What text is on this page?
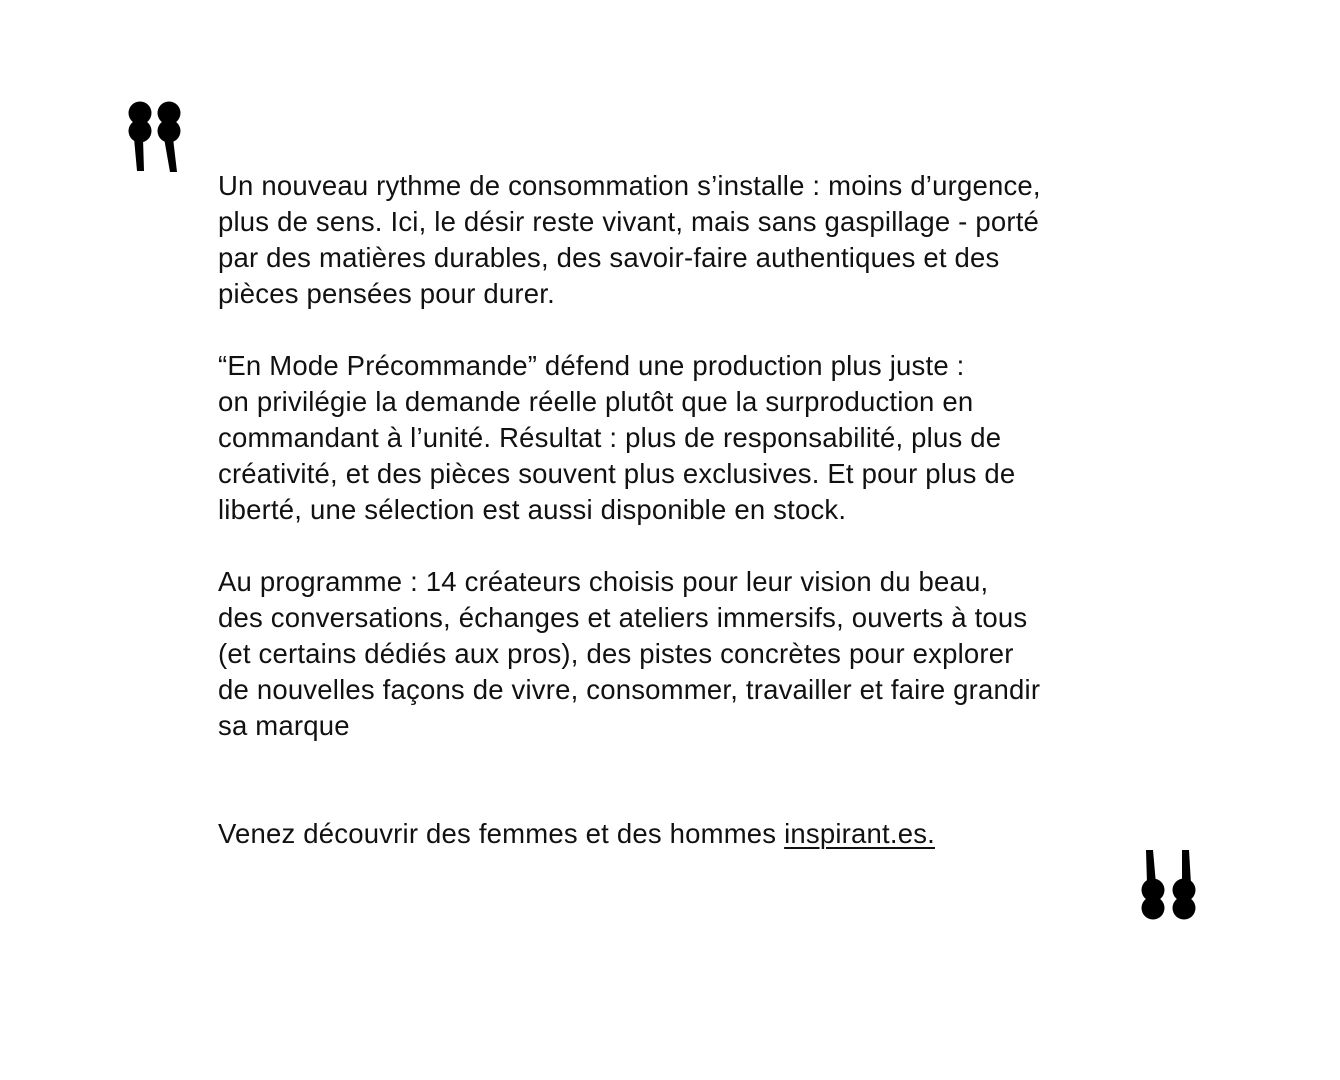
Un nouveau rythme de consommation s’installe : moins d’urgence,
plus de sens. Ici, le désir reste vivant, mais sans gaspillage - porté
par des matières durables, des savoir-faire authentiques et des
pièces pensées pour durer.

“En Mode Précommande” défend une production plus juste :
on privilégie la demande réelle plutôt que la surproduction en
commandant à l’unité. Résultat : plus de responsabilité, plus de
créativité, et des pièces souvent plus exclusives. Et pour plus de
liberté, une sélection est aussi disponible en stock.

Au programme : 14 créateurs choisis pour leur vision du beau,
des conversations, échanges et ateliers immersifs, ouverts à tous
(et certains dédiés aux pros), des pistes concrètes pour explorer
de nouvelles façons de vivre, consommer, travailler et faire grandir
sa marque

Venez découvrir des femmes et des hommes inspirant.es.
